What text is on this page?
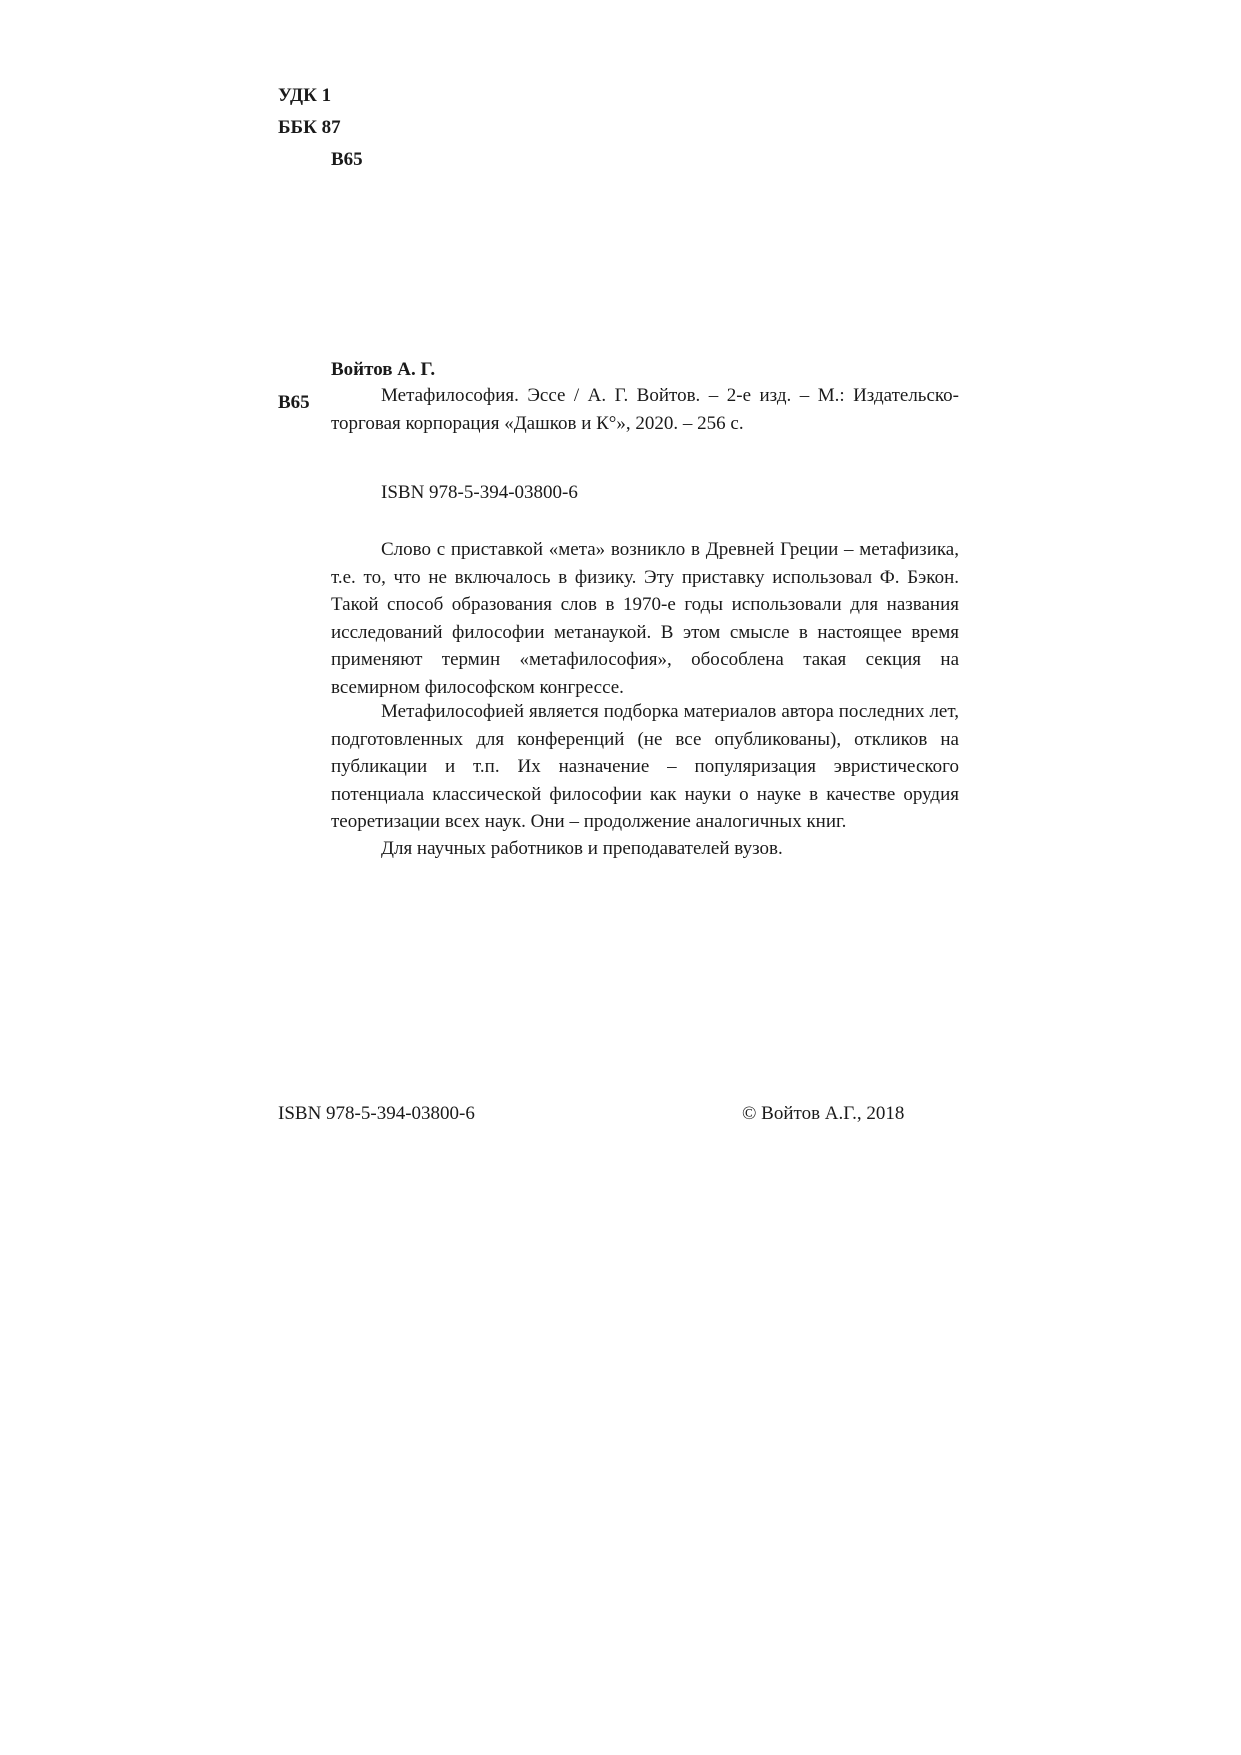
УДК 1
ББК 87
В65
Войтов А. Г.
В65	Метафилософия. Эссе / А. Г. Войтов. – 2-е изд. – М.: Издательско-торговая корпорация «Дашков и К°», 2020. – 256 с.

ISBN 978-5-394-03800-6

Слово с приставкой «мета» возникло в Древней Греции – метафизика, т.е. то, что не включалось в физику. Эту приставку использовал Ф. Бэкон. Такой способ образования слов в 1970-е годы использовали для названия исследований философии метанаукой. В этом смысле в настоящее время применяют термин «метафилософия», обособлена такая секция на всемирном философском конгрессе.

Метафилософией является подборка материалов автора последних лет, подготовленных для конференций (не все опубликованы), откликов на публикации и т.п. Их назначение – популяризация эвристического потенциала классической философии как науки о науке в качестве орудия теоретизации всех наук. Они – продолжение аналогичных книг.

Для научных работников и преподавателей вузов.

ISBN 978-5-394-03800-6	© Войтов А.Г., 2018
